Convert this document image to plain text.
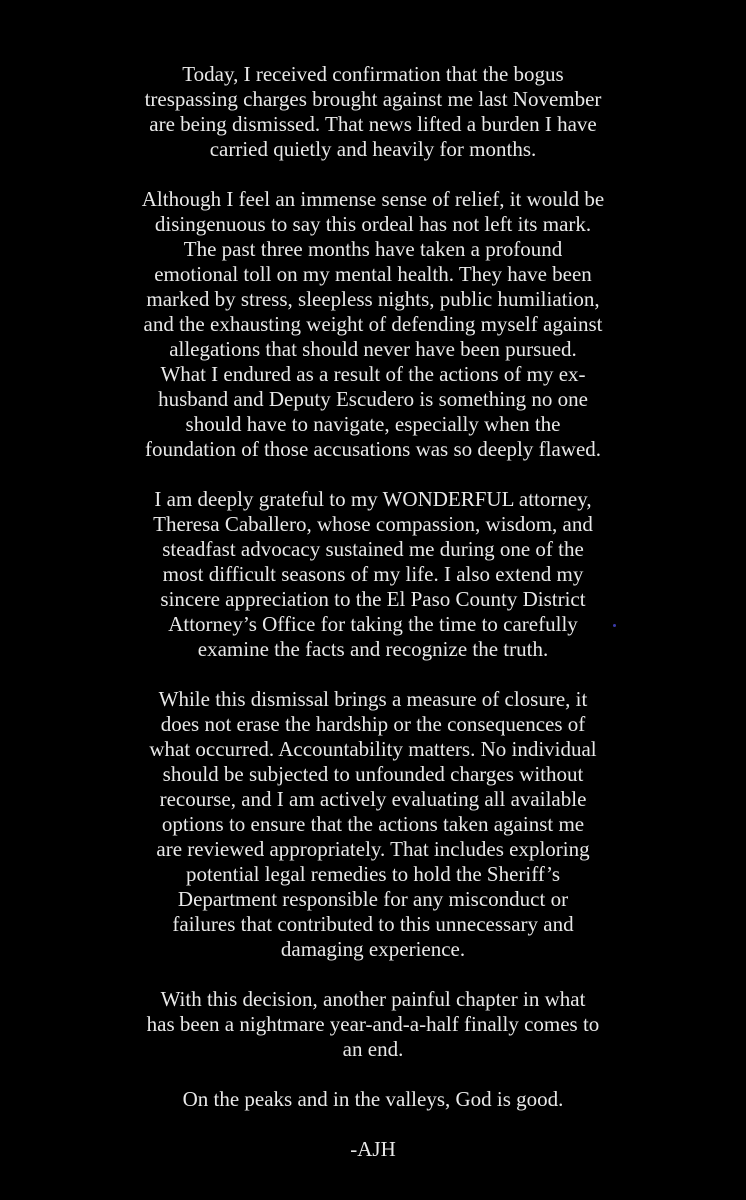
Today, I received confirmation that the bogus
trespassing charges brought against me last November
are being dismissed. That news lifted a burden I have
carried quietly and heavily for months.

Although I feel an immense sense of relief, it would be
disingenuous to say this ordeal has not left its mark.
The past three months have taken a profound
emotional toll on my mental health. They have been
marked by stress, sleepless nights, public humiliation,
and the exhausting weight of defending myself against
allegations that should never have been pursued.
What I endured as a result of the actions of my ex-
husband and Deputy Escudero is something no one
should have to navigate, especially when the
foundation of those accusations was so deeply flawed.

I am deeply grateful to my WONDERFUL attorney,
Theresa Caballero, whose compassion, wisdom, and
steadfast advocacy sustained me during one of the
most difficult seasons of my life. I also extend my
sincere appreciation to the El Paso County District
Attorney’s Office for taking the time to carefully
examine the facts and recognize the truth.

While this dismissal brings a measure of closure, it
does not erase the hardship or the consequences of
what occurred. Accountability matters. No individual
should be subjected to unfounded charges without
recourse, and I am actively evaluating all available
options to ensure that the actions taken against me
are reviewed appropriately. That includes exploring
potential legal remedies to hold the Sheriff’s
Department responsible for any misconduct or
failures that contributed to this unnecessary and
damaging experience.

With this decision, another painful chapter in what
has been a nightmare year-and-a-half finally comes to
an end.

On the peaks and in the valleys, God is good.

-AJH
